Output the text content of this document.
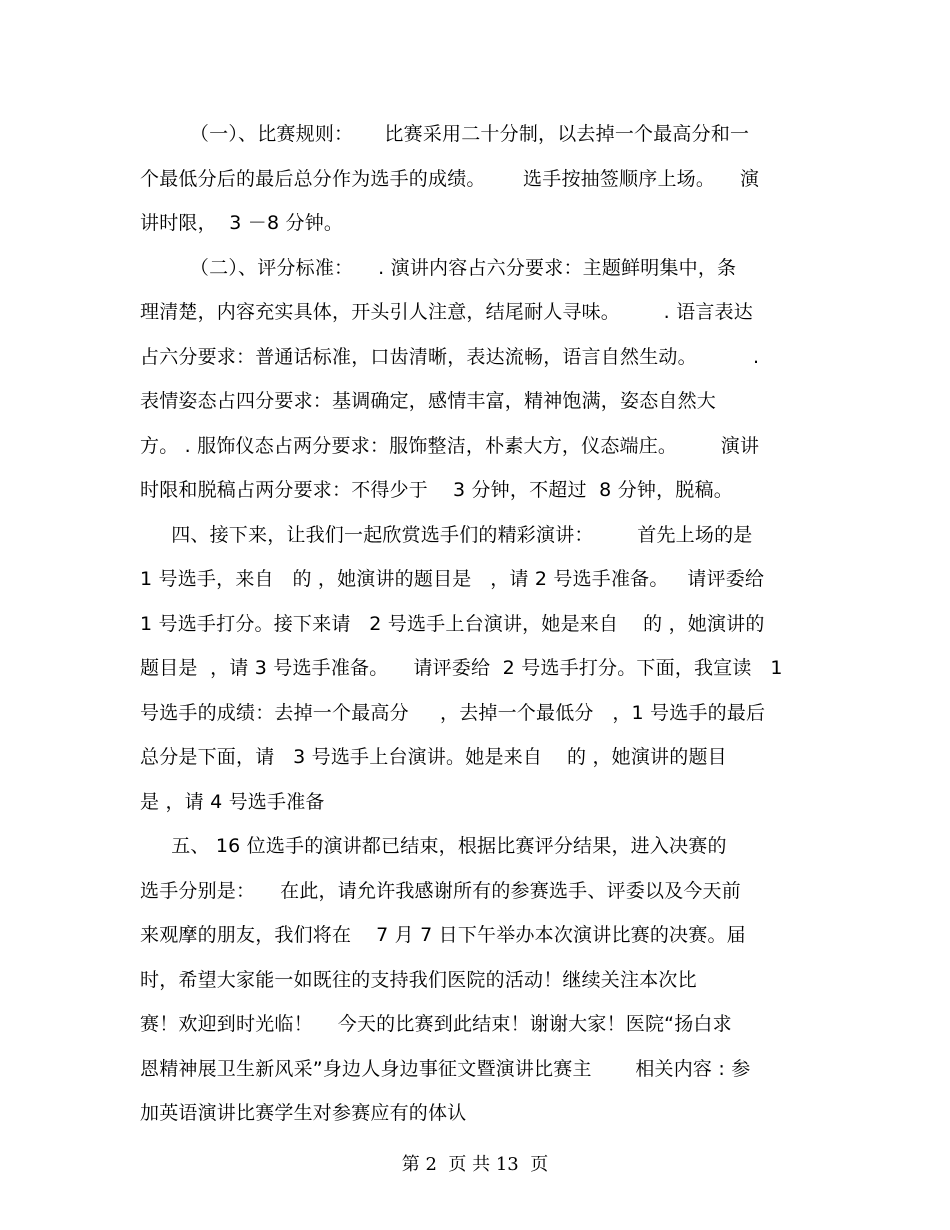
（一）、比赛规则：     比赛采用二十分制，以去掉一个最高分和一
个最低分后的最后总分作为选手的成绩。      选手按抽签顺序上场。    演
讲时限，  3 －8 分钟。
（二）、评分标准：    . 演讲内容占六分要求：主题鲜明集中，条
理清楚，内容充实具体，开头引人注意，结尾耐人寻味。       . 语言表达
占六分要求：普通话标准，口齿清晰，表达流畅，语言自然生动。         .
表情姿态占四分要求：基调确定，感情丰富，精神饱满，姿态自然大
方。 . 服饰仪态占两分要求：服饰整洁，朴素大方，仪态端庄。       演讲
时限和脱稿占两分要求：不得少于    3 分钟，不超过  8 分钟，脱稿。
四、接下来，让我们一起欣赏选手们的精彩演讲：       首先上场的是
1 号选手，来自   的 ，她演讲的题目是   ，请 2 号选手准备。   请评委给
1 号选手打分。接下来请   2 号选手上台演讲，她是来自    的 ，她演讲的
题目是  ，请 3 号选手准备。    请评委给  2 号选手打分。下面，我宣读   1
号选手的成绩：去掉一个最高分     ，去掉一个最低分   ，1 号选手的最后
总分是下面，请   3 号选手上台演讲。她是来自    的 ，她演讲的题目
是 ，请 4 号选手准备
五、 16 位选手的演讲都已结束，根据比赛评分结果，进入决赛的
选手分别是：    在此，请允许我感谢所有的参赛选手、评委以及今天前
来观摩的朋友，我们将在    7 月 7 日下午举办本次演讲比赛的决赛。届
时，希望大家能一如既往的支持我们医院的活动！继续关注本次比
赛！欢迎到时光临！    今天的比赛到此结束！谢谢大家！医院“扬白求
恩精神展卫生新风采”身边人身边事征文暨演讲比赛主       相关内容 : 参
加英语演讲比赛学生对参赛应有的体认
第 2  页 共 13  页
